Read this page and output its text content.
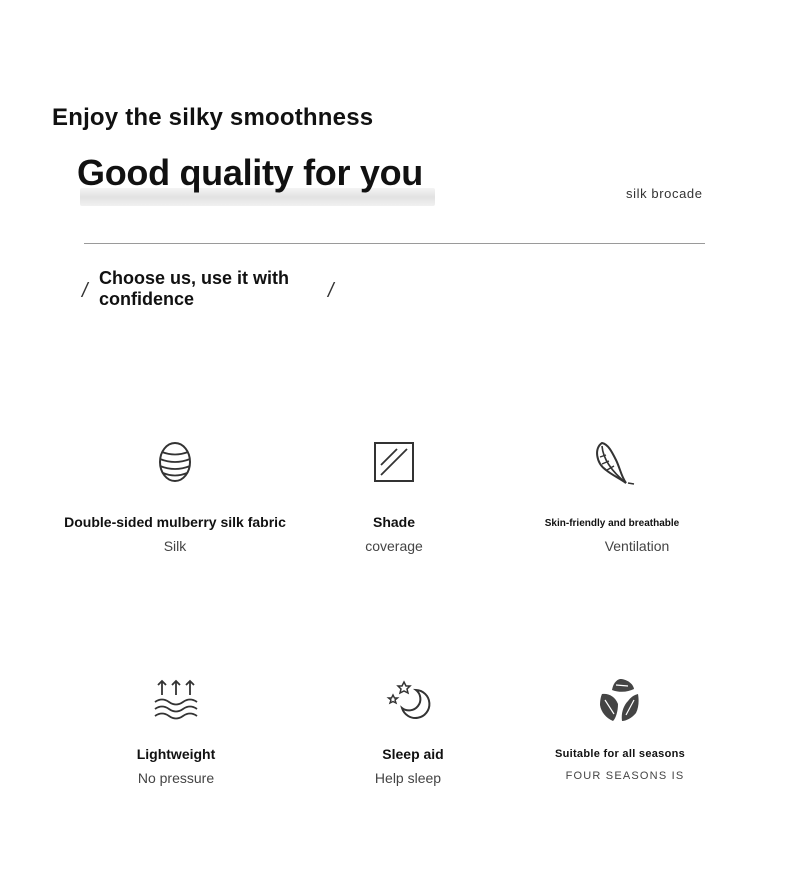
Enjoy the silky smoothness
Good quality for you
silk brocade
/
Choose us, use it with
confidence	/
Double-sided mulberry silk fabric
Silk
Shade
coverage
Skin-friendly and breathable
Ventilation
Lightweight
No pressure
Sleep aid
Help sleep
Suitable for all seasons
FOUR SEASONS IS
